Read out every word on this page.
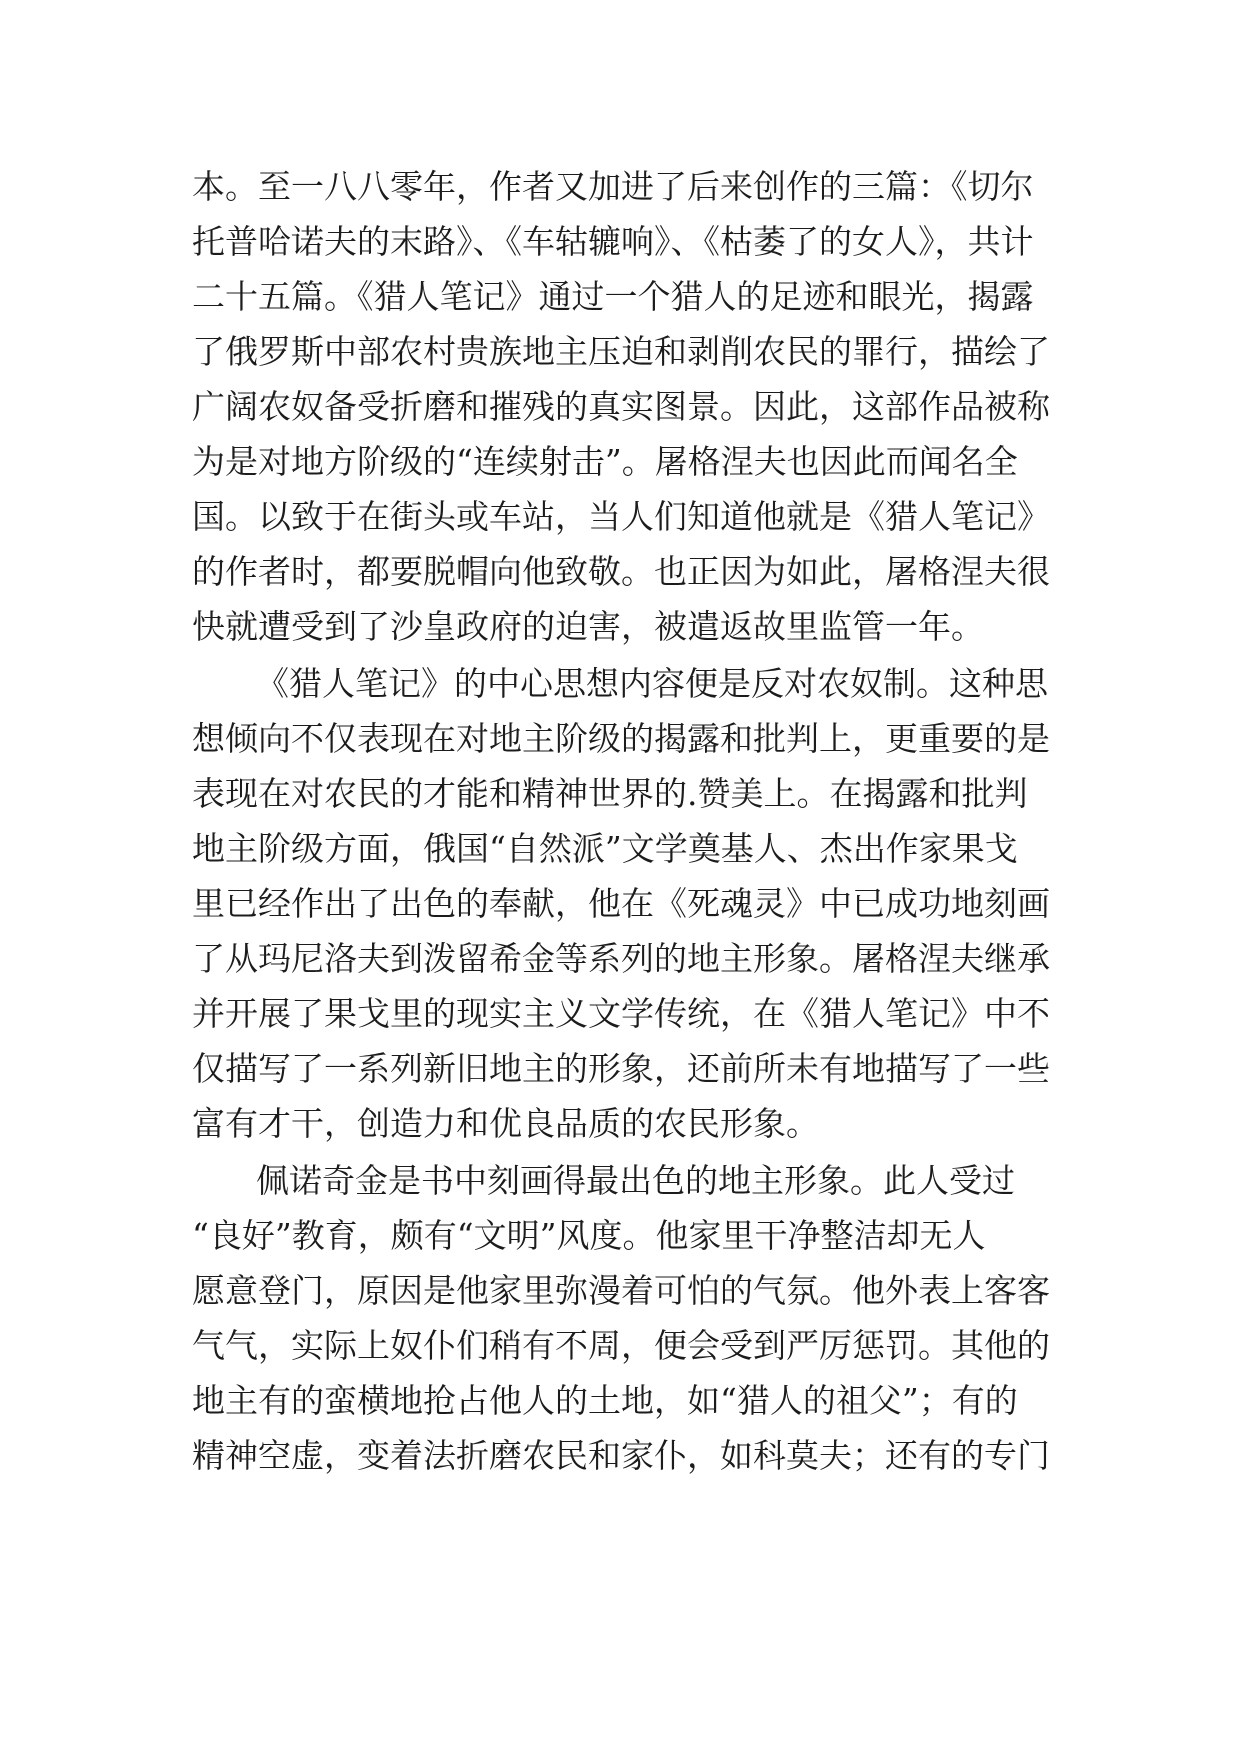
本。至一八八零年，作者又加进了后来创作的三篇：《切尔
托普哈诺夫的末路》、《车轱辘响》、《枯萎了的女人》，共计
二十五篇。《猎人笔记》通过一个猎人的足迹和眼光，揭露
了俄罗斯中部农村贵族地主压迫和剥削农民的罪行，描绘了
广阔农奴备受折磨和摧残的真实图景。因此，这部作品被称
为是对地方阶级的“连续射击”。屠格涅夫也因此而闻名全
国。以致于在街头或车站，当人们知道他就是《猎人笔记》
的作者时，都要脱帽向他致敬。也正因为如此，屠格涅夫很
快就遭受到了沙皇政府的迫害，被遣返故里监管一年。
《猎人笔记》的中心思想内容便是反对农奴制。这种思
想倾向不仅表现在对地主阶级的揭露和批判上，更重要的是
表现在对农民的才能和精神世界的.赞美上。在揭露和批判
地主阶级方面，俄国“自然派”文学奠基人、杰出作家果戈
里已经作出了出色的奉献，他在《死魂灵》中已成功地刻画
了从玛尼洛夫到泼留希金等系列的地主形象。屠格涅夫继承
并开展了果戈里的现实主义文学传统，在《猎人笔记》中不
仅描写了一系列新旧地主的形象，还前所未有地描写了一些
富有才干，创造力和优良品质的农民形象。
佩诺奇金是书中刻画得最出色的地主形象。此人受过
“良好”教育，颇有“文明”风度。他家里干净整洁却无人
愿意登门，原因是他家里弥漫着可怕的气氛。他外表上客客
气气，实际上奴仆们稍有不周，便会受到严厉惩罚。其他的
地主有的蛮横地抢占他人的土地，如“猎人的祖父”；有的
精神空虚，变着法折磨农民和家仆，如科莫夫；还有的专门
